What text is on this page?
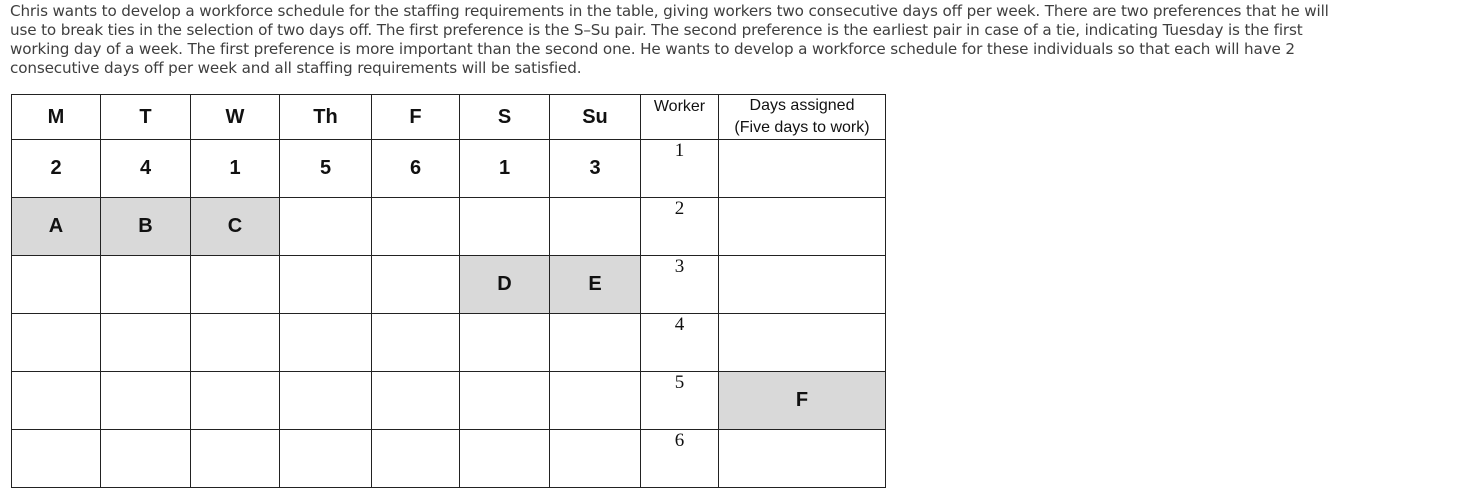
Chris wants to develop a workforce schedule for the staffing requirements in the table, giving workers two consecutive days off per week. There are two preferences that he will
use to break ties in the selection of two days off. The first preference is the S–Su pair. The second preference is the earliest pair in case of a tie, indicating Tuesday is the first
working day of a week. The first preference is more important than the second one. He wants to develop a workforce schedule for these individuals so that each will have 2
consecutive days off per week and all staffing requirements will be satisfied.
M	T	W	Th	F	S	Su	Worker	Days assigned
(Five days to work)

2	4	1	5	6	1	3	1	
A	B	C					2	
					D	E	3	
							4	
							5	F
							6	
